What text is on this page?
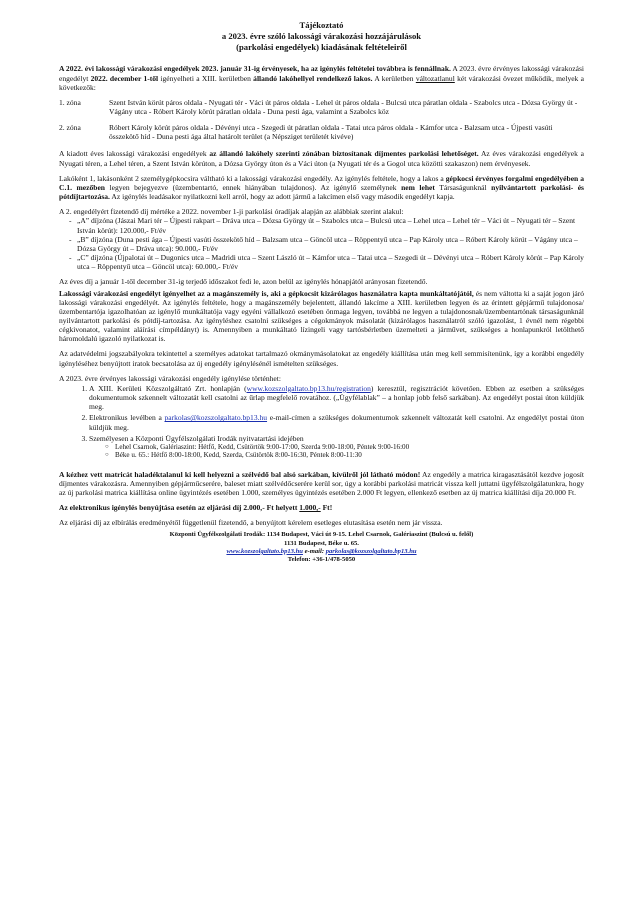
Tájékoztató
a 2023. évre szóló lakossági várakozási hozzájárulások
(parkolási engedélyek) kiadásának feltételeiről

A 2022. évi lakossági várakozási engedélyek 2023. január 31-ig érvényesek, ha az igénylés feltételei továbbra is fennállnak. A 2023. évre érvényes lakossági várakozási engedélyt 2022. december 1-től igényelheti a XIII. kerületben állandó lakóhellyel rendelkező lakos. A kerületben változatlanul két várakozási övezet működik, melyek a következők:

1. zóna	Szent István körút páros oldala - Nyugati tér - Váci út páros oldala - Lehel út páros oldala - Bulcsú utca páratlan oldala - Szabolcs utca - Dózsa György út - Vágány utca - Róbert Károly körút páratlan oldala - Duna pesti ága, valamint a Szabolcs köz
2. zóna	Róbert Károly körút páros oldala - Dévényi utca - Szegedi út páratlan oldala - Tatai utca páros oldala - Kámfor utca - Balzsam utca - Újpesti vasúti összekötő híd - Duna pesti ága által határolt terület (a Népsziget területét kivéve)

A kiadott éves lakossági várakozási engedélyek az állandó lakóhely szerinti zónában biztosítanak díjmentes parkolási lehetőséget. Az éves várakozási engedélyek a Nyugati téren, a Lehel téren, a Szent István körúton, a Dózsa György úton és a Váci úton (a Nyugati tér és a Gogol utca közötti szakaszon) nem érvényesek.

Lakóként 1, lakásonként 2 személygépkocsira váltható ki a lakossági várakozási engedély. Az igénylés feltétele, hogy a lakos a gépkocsi érvényes forgalmi engedélyében a C.1. mezőben legyen bejegyezve (üzembentartó, ennek hiányában tulajdonos). Az igénylő személynek nem lehet Társaságunknál nyilvántartott parkolási- és pótdíjtartozása. Az igénylés leadásakor nyilatkozni kell arról, hogy az adott jármű a lakcímen első vagy második engedélyt kapja.

A 2. engedélyért fizetendő díj mértéke a 2022. november 1-ji parkolási óradíjak alapján az alábbiak szerint alakul:

- „A” díjzóna (Jászai Mari tér – Újpesti rakpart – Dráva utca – Dózsa György út – Szabolcs utca – Bulcsú utca – Lehel utca – Lehel tér – Váci út – Nyugati tér – Szent István körút): 120.000,- Ft/év
- „B” díjzóna (Duna pesti ága – Újpesti vasúti összekötő híd – Balzsam utca – Göncöl utca – Röppentyű utca – Pap Károly utca – Róbert Károly körút – Vágány utca – Dózsa György út – Dráva utca): 90.000,- Ft/év
- „C” díjzóna (Újpalotai út – Dugonics utca – Madridi utca – Szent László út – Kámfor utca – Tatai utca – Szegedi út – Dévényi utca – Róbert Károly körút – Pap Károly utca – Röppentyű utca – Göncöl utca): 60.000,- Ft/év

Az éves díj a január 1-től december 31-ig terjedő időszakot fedi le, azon belül az igénylés hónapjától arányosan fizetendő.

Lakossági várakozási engedélyt igényelhet az a magánszemély is, aki a gépkocsit kizárólagos használatra kapta munkáltatójától, és nem váltotta ki a saját jogon járó lakossági várakozási engedélyét. Az igénylés feltétele, hogy a magánszemély bejelentett, állandó lakcíme a XIII. kerületben legyen és az érintett gépjármű tulajdonosa/üzembentartója igazolhatóan az igénylő munkáltatója vagy egyéni vállalkozó esetében önmaga legyen, továbbá ne legyen a tulajdonosnak/üzembentartónak társaságunknál nyilvántartott parkolási és pótdíj-tartozása. Az igényléshez csatolni szükséges a cégokmányok másolatát (kizárólagos használatról szóló igazolást, 1 évnél nem régebbi cégkivonatot, valamint aláírási címpéldányt) is. Amennyiben a munkáltató lízingeli vagy tartósbérletben üzemelteti a járművet, szükséges a honlapunkról letölthető háromoldalú igazoló nyilatkozat is.

Az adatvédelmi jogszabályokra tekintettel a személyes adatokat tartalmazó okmánymásolatokat az engedély kiállítása után meg kell semmisítenünk, így a korábbi engedély igényléséhez benyújtott iratok becsatolása az új engedély igénylésénél ismételten szükséges.

A 2023. évre érvényes lakossági várakozási engedély igénylése történhet:

1. A XIII. Kerületi Közszolgáltató Zrt. honlapján (www.kozszolgaltato.bp13.hu/registration) keresztül, regisztrációt követően. Ebben az esetben a szükséges dokumentumok szkennelt változatát kell csatolni az űrlap megfelelő rovatához. („Ügyfélablak” – a honlap jobb felső sarkában). Az engedélyt postai úton küldjük meg.
2. Elektronikus levélben a parkolas@kozszolgaltato.bp13.hu e-mail-címen a szükséges dokumentumok szkennelt változatát kell csatolni. Az engedélyt postai úton küldjük meg.
3. Személyesen a Központi Ügyfélszolgálati Irodák nyitvatartási idejében
○ Lehel Csarnok, Galériaszint: Hétfő, Kedd, Csütörtök 9:00-17:00, Szerda 9:00-18:00, Péntek 9:00-16:00
○ Béke u. 65.: Hétfő 8:00-18:00, Kedd, Szerda, Csütörtök 8:00-16:30, Péntek 8:00-11:30

A kézhez vett matricát haladéktalanul ki kell helyezni a szélvédő bal alsó sarkában, kívülről jól látható módon! Az engedély a matrica kiragasztásától kezdve jogosít díjmentes várakozásra. Amennyiben gépjárműcserére, baleset miatt szélvédőcserére kerül sor, úgy a korábbi parkolási matricát vissza kell juttatni ügyfélszolgálatunkra, hogy az új parkolási matrica kiállítása online ügyintézés esetében 1.000, személyes ügyintézés esetében 2.000 Ft legyen, ellenkező esetben az új matrica kiállítási díja 20.000 Ft.

Az elektronikus igénylés benyújtása esetén az eljárási díj 2.000,- Ft helyett 1.000,- Ft!

Az eljárási díj az elbírálás eredményétől függetlenül fizetendő, a benyújtott kérelem esetleges elutasítása esetén nem jár vissza.

Központi Ügyfélszolgálati Irodák: 1134 Budapest, Váci út 9-15. Lehel Csarnok, Galériaszint (Bulcsú u. felől)
1131 Budapest, Béke u. 65.
www.kozszolgaltato.bp13.hu e-mail: parkolas@kozszolgaltato.bp13.hu
Telefon: +36-1/478-5050
